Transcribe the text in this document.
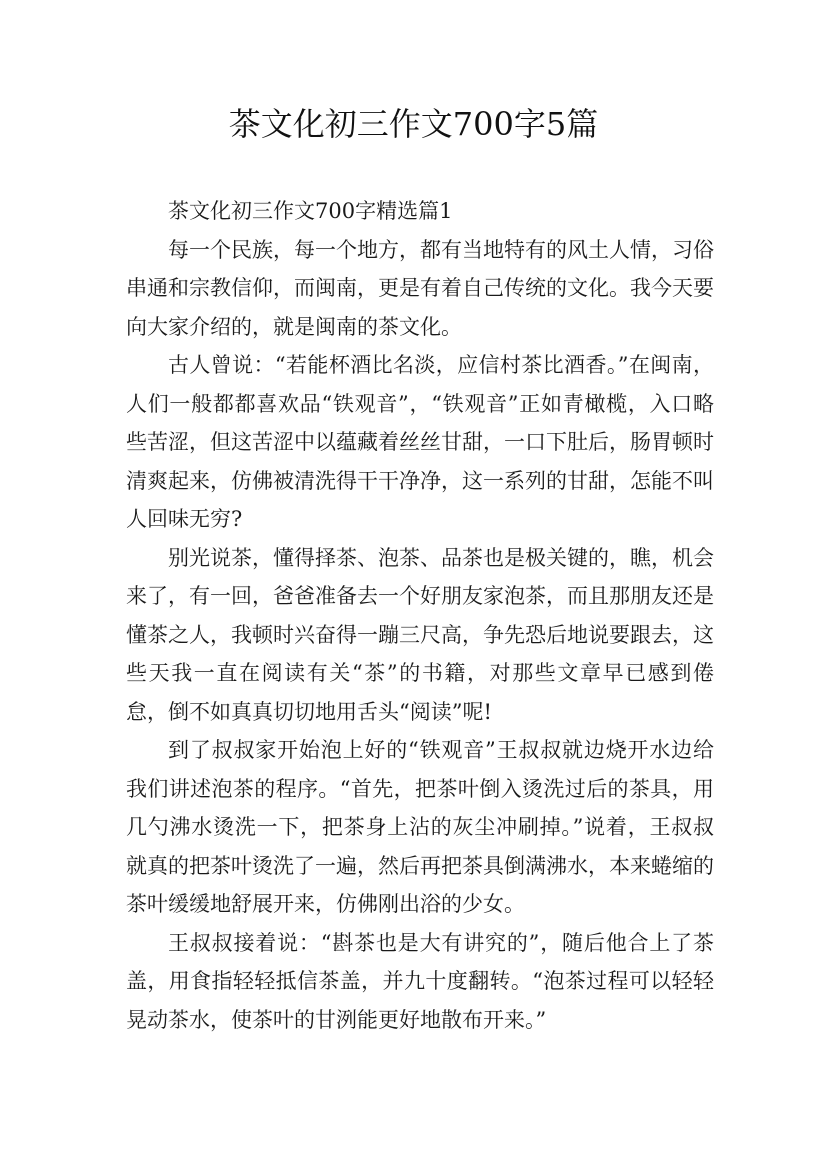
茶文化初三作文700字5篇

茶文化初三作文700字精选篇1

每一个民族，每一个地方，都有当地特有的风土人情，习俗串通和宗教信仰，而闽南，更是有着自己传统的文化。我今天要向大家介绍的，就是闽南的茶文化。

古人曾说：“若能杯酒比名淡，应信村茶比酒香。”在闽南，人们一般都都喜欢品“铁观音”，“铁观音”正如青橄榄，入口略些苦涩，但这苦涩中以蕴藏着丝丝甘甜，一口下肚后，肠胃顿时清爽起来，仿佛被清洗得干干净净，这一系列的甘甜，怎能不叫人回味无穷?

别光说茶，懂得择茶、泡茶、品茶也是极关键的，瞧，机会来了，有一回，爸爸准备去一个好朋友家泡茶，而且那朋友还是懂茶之人，我顿时兴奋得一蹦三尺高，争先恐后地说要跟去，这些天我一直在阅读有关“茶”的书籍，对那些文章早已感到倦怠，倒不如真真切切地用舌头“阅读”呢!

到了叔叔家开始泡上好的“铁观音”王叔叔就边烧开水边给我们讲述泡茶的程序。“首先，把茶叶倒入烫洗过后的茶具，用几勺沸水烫洗一下，把茶身上沾的灰尘冲刷掉。”说着，王叔叔就真的把茶叶烫洗了一遍，然后再把茶具倒满沸水，本来蜷缩的茶叶缓缓地舒展开来，仿佛刚出浴的少女。

王叔叔接着说：“斟茶也是大有讲究的”，随后他合上了茶盖，用食指轻轻抵信茶盖，并九十度翻转。“泡茶过程可以轻轻晃动茶水，使茶叶的甘洌能更好地散布开来。”
